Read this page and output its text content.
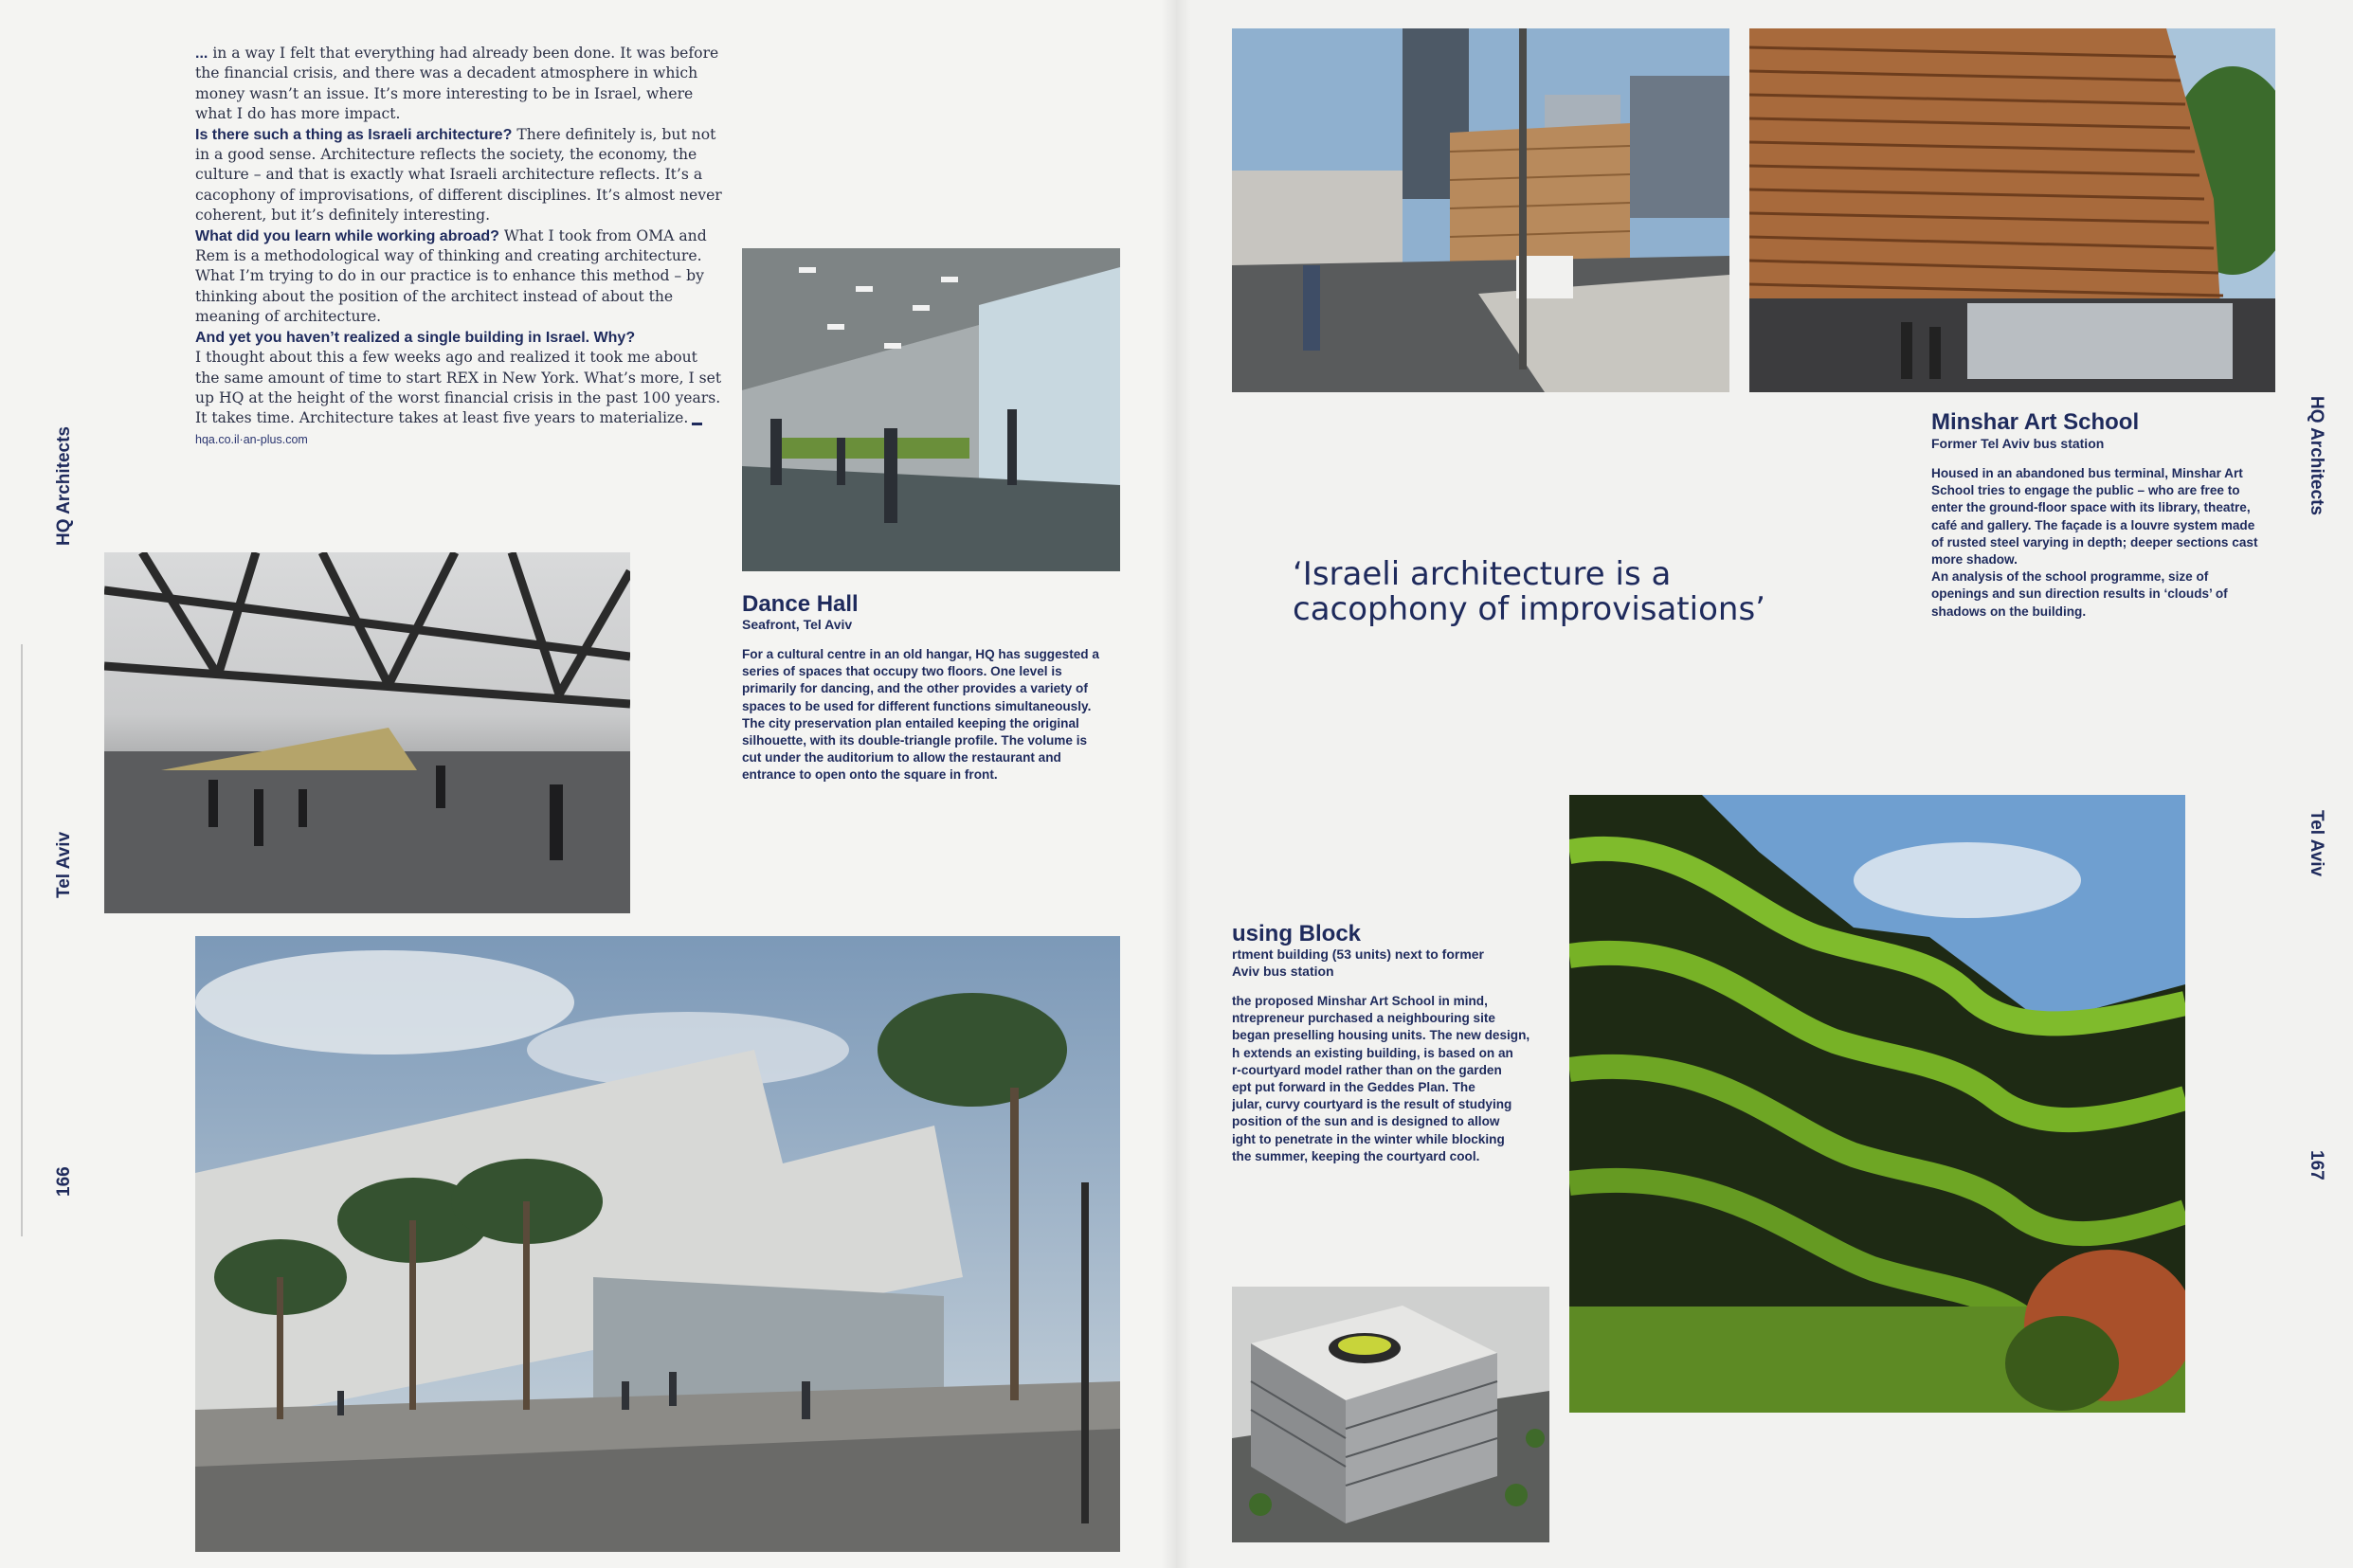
HQ Architects
Tel Aviv
166
HQ Architects
Tel Aviv
167
... in a way I felt that everything had already been done. It was before the financial crisis, and there was a decadent atmosphere in which money wasn’t an issue. It’s more interesting to be in Israel, where what I do has more impact.
Is there such a thing as Israeli architecture? There definitely is, but not in a good sense. Architecture reflects the society, the economy, the culture – and that is exactly what Israeli architecture reflects. It’s a cacophony of improvisations, of different disciplines. It’s almost never coherent, but it’s definitely interesting.
What did you learn while working abroad? What I took from OMA and Rem is a methodological way of thinking and creating architecture. What I’m trying to do in our practice is to enhance this method – by thinking about the position of the architect instead of about the meaning of architecture.
And yet you haven’t realized a single building in Israel. Why?
I thought about this a few weeks ago and realized it took me about the same amount of time to start REX in New York. What’s more, I set up HQ at the height of the worst financial crisis in the past 100 years. It takes time. Architecture takes at least five years to materialize.
hqa.co.il·an-plus.com
Dance Hall
Seafront, Tel Aviv
For a cultural centre in an old hangar, HQ has suggested a series of spaces that occupy two floors. One level is primarily for dancing, and the other provides a variety of spaces to be used for different functions simultaneously. The city preservation plan entailed keeping the original silhouette, with its double-triangle profile. The volume is cut under the auditorium to allow the restaurant and entrance to open onto the square in front.
Minshar Art School
Former Tel Aviv bus station
Housed in an abandoned bus terminal, Minshar Art School tries to engage the public – who are free to enter the ground-floor space with its library, theatre, café and gallery. The façade is a louvre system made of rusted steel varying in depth; deeper sections cast more shadow.
An analysis of the school programme, size of openings and sun direction results in ‘clouds’ of shadows on the building.
‘Israeli architecture is a cacophony of improvisations’
using Block
rtment building (53 units) next to former
Aviv bus station
the proposed Minshar Art School in mind,
ntrepreneur purchased a neighbouring site
began preselling housing units. The new design,
h extends an existing building, is based on an
r-courtyard model rather than on the garden
ept put forward in the Geddes Plan. The
jular, curvy courtyard is the result of studying
position of the sun and is designed to allow
ight to penetrate in the winter while blocking
the summer, keeping the courtyard cool.
